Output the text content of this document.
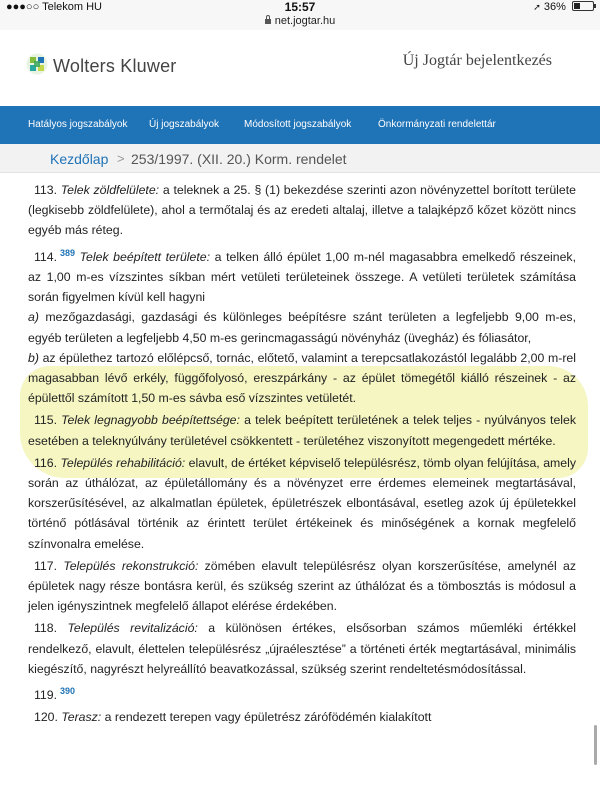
●●●○○ Telekom HU	15:57	➚ 36%
net.jogtar.hu
Wolters Kluwer	Új Jogtár bejelentkezés
Hatályos jogszabályok Új jogszabályok Módosított jogszabályok	Önkormányzati rendelettár
Kezdőlap > 253/1997. (XII. 20.) Korm. rendelet

113. Telek zöldfelülete: a teleknek a 25. § (1) bekezdése szerinti azon növényzettel borított területe (legkisebb zöldfelülete), ahol a termőtalaj és az eredeti altalaj, illetve a talajképző kőzet között nincs egyéb más réteg.

114. $^{389}$ Telek beépített területe: a telken álló épület 1,00 m-nél magasabbra emelkedő részeinek, az 1,00 m-es vízszintes síkban mért vetületi területeinek összege. A vetületi területek számítása során figyelmen kívül kell hagyni

a) mezőgazdasági, gazdasági és különleges beépítésre szánt területen a legfeljebb 9,00 m-es, egyéb területen a legfeljebb 4,50 m-es gerincmagasságú növényház (üvegház) és fóliasátor,

b) az épülethez tartozó előlépcső, tornác, előtető, valamint a terepcsatlakozástól legalább 2,00 m-rel magasabban lévő erkély, függőfolyosó, ereszpárkány - az épület tömegétől kiálló részeinek - az épülettől számított 1,50 m-es sávba eső vízszintes vetületét.

115. Telek legnagyobb beépítettsége: a telek beépített területének a telek teljes - nyúlványos telek esetében a teleknyúlvány területével csökkentett - területéhez viszonyított megengedett mértéke.

116. Település rehabilitáció: elavult, de értéket képviselő településrész, tömb olyan felújítása, amely során az úthálózat, az épületállomány és a növényzet erre érdemes elemeinek megtartásával, korszerűsítésével, az alkalmatlan épületek, épületrészek elbontásával, esetleg azok új épületekkel történő pótlásával történik az érintett terület értékeinek és minőségének a kornak megfelelő színvonalra emelése.

117. Település rekonstrukció: zömében elavult településrész olyan korszerűsítése, amelynél az épületek nagy része bontásra kerül, és szükség szerint az úthálózat és a tömbosztás is módosul a jelen igényszintnek megfelelő állapot elérése érdekében.

118. Település revitalizáció: a különösen értékes, elsősorban számos műemléki értékkel rendelkező, elavult, élettelen településrész „újraélesztése” a történeti érték megtartásával, minimális kiegészítő, nagyrészt helyreállító beavatkozással, szükség szerint rendeltetésmódosítással.

119. $^{390}$

120. Terasz: a rendezett terepen vagy épületrész zárófödémén kialakított
